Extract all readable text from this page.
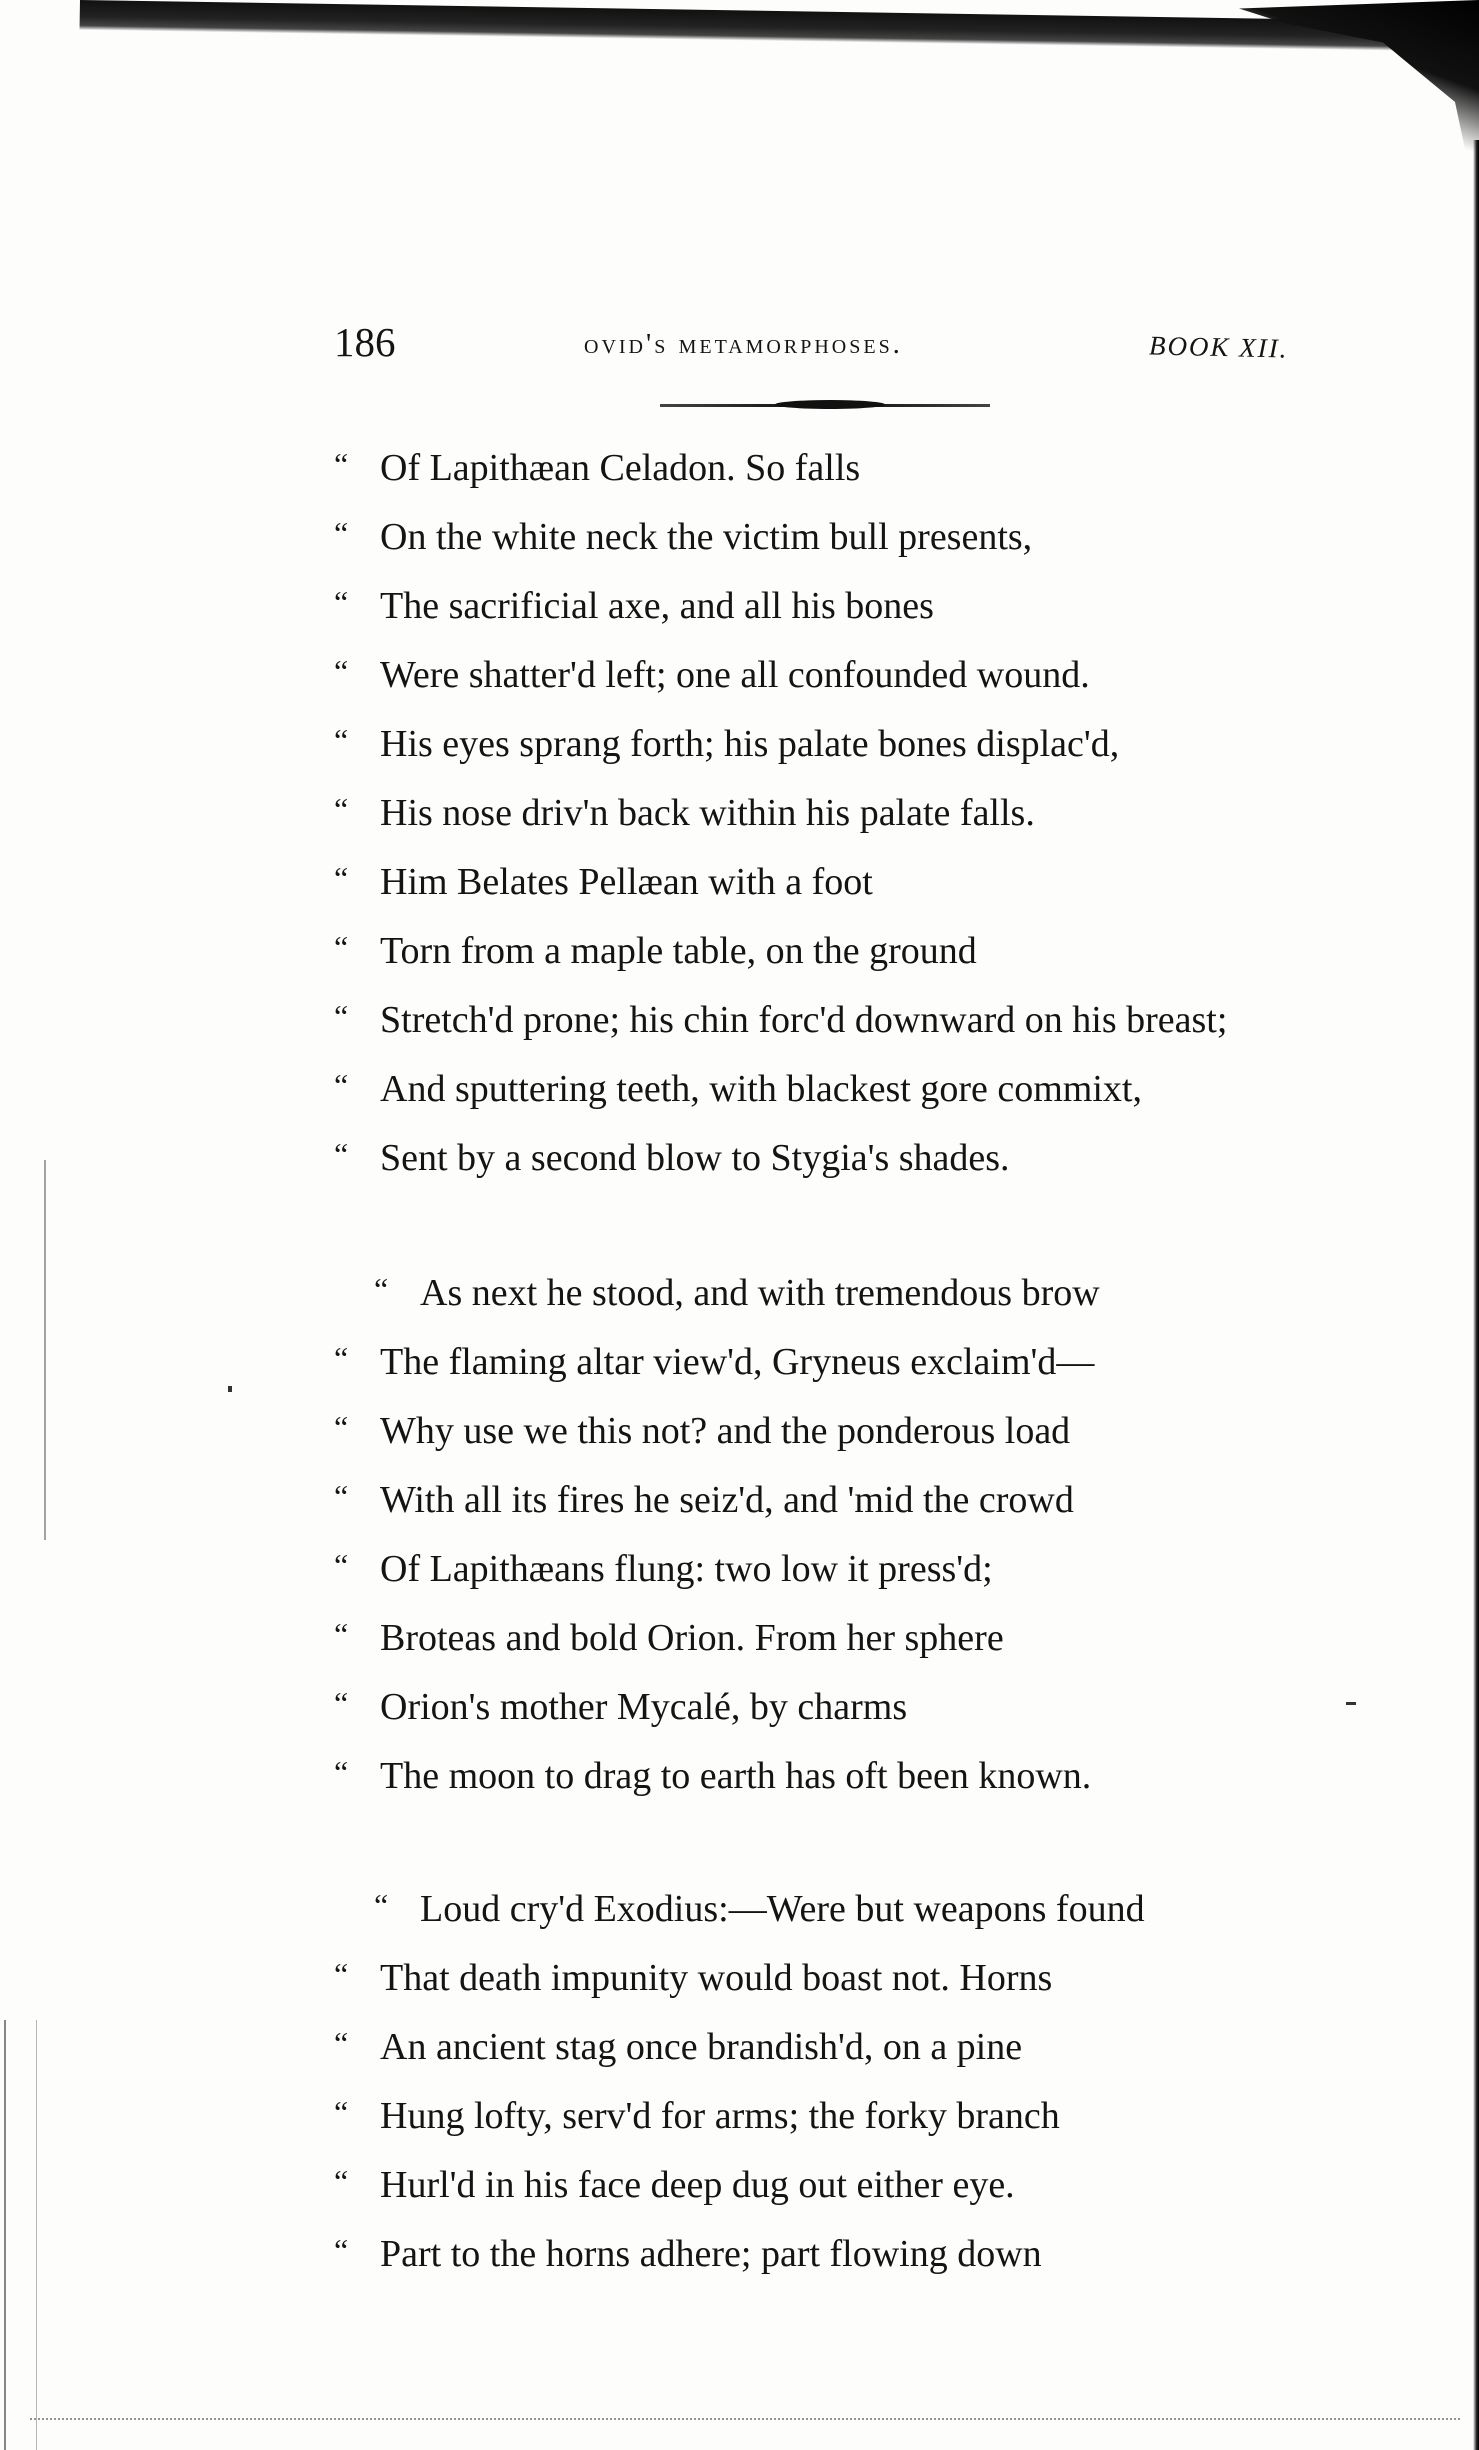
186	ovid's metamorphoses.	BOOK XII.
“ Of Lapithæan Celadon. So falls
“ On the white neck the victim bull presents,
“ The sacrificial axe, and all his bones
“ Were shatter'd left; one all confounded wound.
“ His eyes sprang forth; his palate bones displac'd,
“ His nose driv'n back within his palate falls.
“ Him Belates Pellæan with a foot
“ Torn from a maple table, on the ground
“ Stretch'd prone; his chin forc'd downward on his breast;
“ And sputtering teeth, with blackest gore commixt,
“ Sent by a second blow to Stygia's shades.
“ As next he stood, and with tremendous brow
“ The flaming altar view'd, Gryneus exclaim'd—
“ Why use we this not? and the ponderous load
“ With all its fires he seiz'd, and 'mid the crowd
“ Of Lapithæans flung: two low it press'd;
“ Broteas and bold Orion. From her sphere
“ Orion's mother Mycalé, by charms
“ The moon to drag to earth has oft been known.
“ Loud cry'd Exodius:—Were but weapons found
“ That death impunity would boast not. Horns
“ An ancient stag once brandish'd, on a pine
“ Hung lofty, serv'd for arms; the forky branch
“ Hurl'd in his face deep dug out either eye.
“ Part to the horns adhere; part flowing down
